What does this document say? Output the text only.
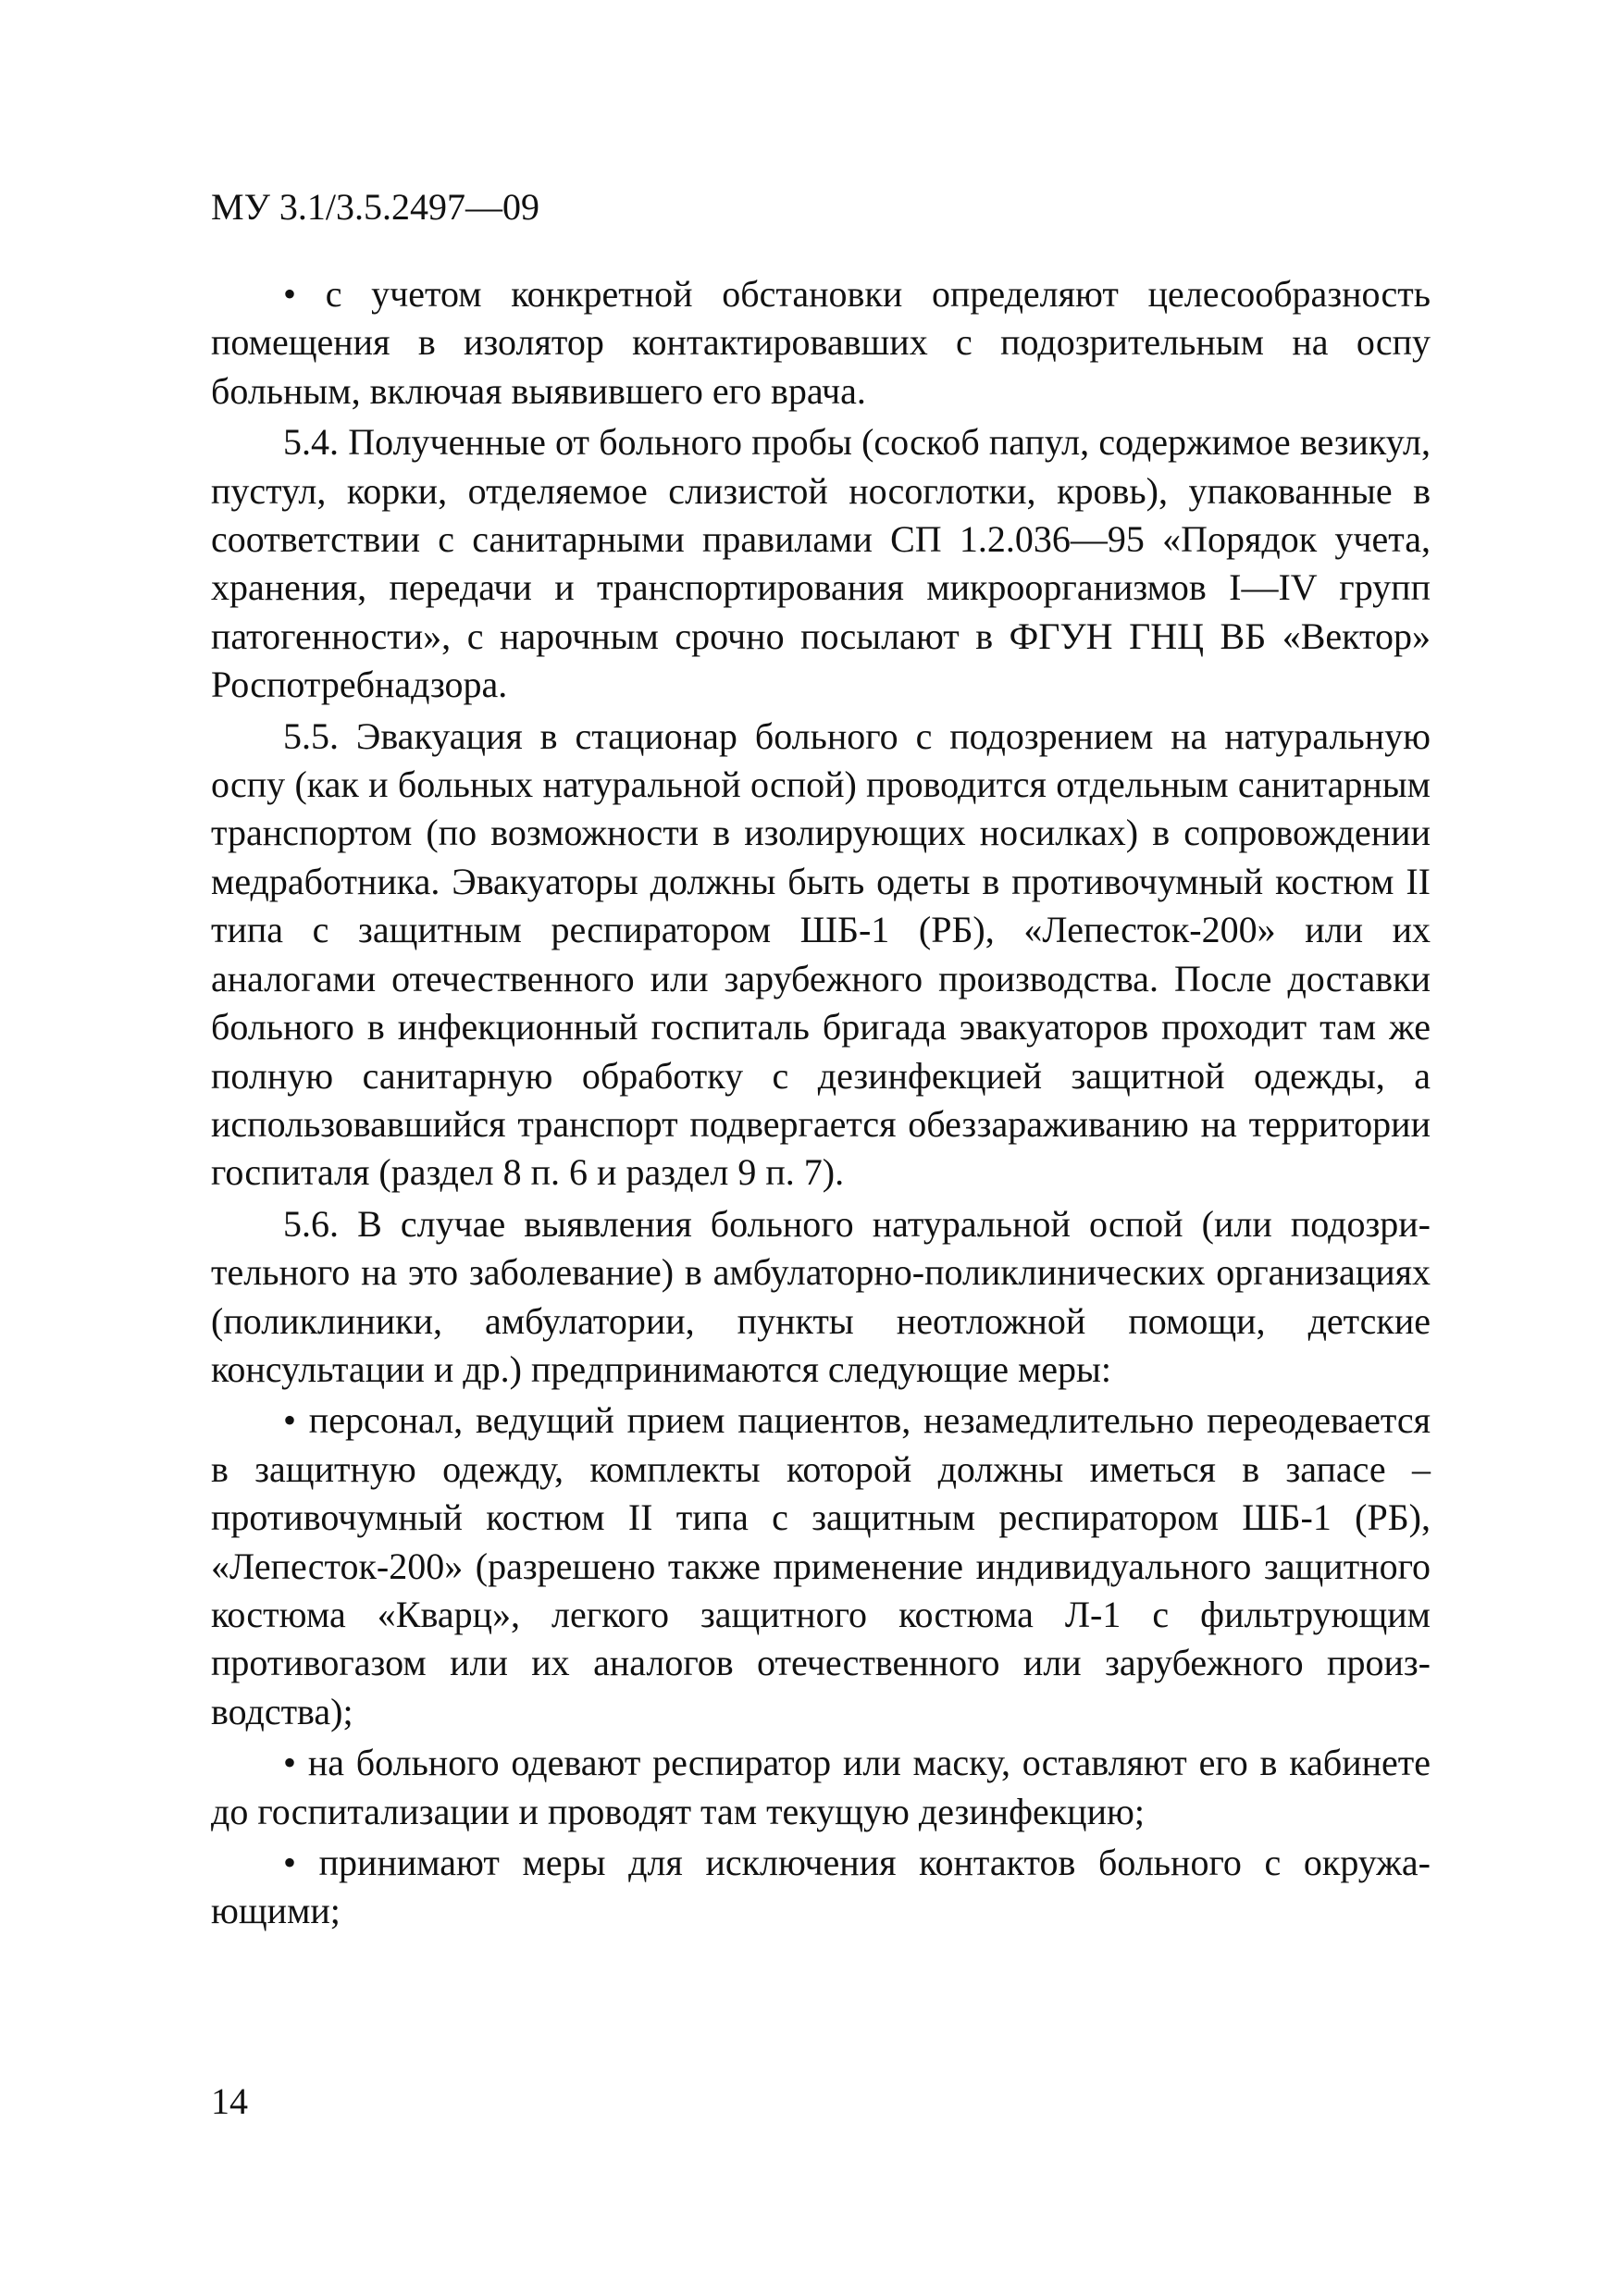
МУ 3.1/3.5.2497—09

• с учетом конкретной обстановки определяют целесообразность помещения в изолятор контактировавших с подозрительным на оспу больным, включая выявившего его врача.

5.4. Полученные от больного пробы (соскоб папул, содержимое везикул, пустул, корки, отделяемое слизистой носоглотки, кровь), упакованные в соответствии с санитарными правилами СП 1.2.036—95 «Порядок учета, хранения, передачи и транспортирования микроорганизмов I—IV групп патогенности», с нарочным срочно посылают в ФГУН ГНЦ ВБ «Вектор» Роспотребнадзора.

5.5. Эвакуация в стационар больного с подозрением на натуральную оспу (как и больных натуральной оспой) проводится отдельным санитарным транспортом (по возможности в изолирующих носилках) в сопровождении медработника. Эвакуаторы должны быть одеты в противочумный костюм II типа с защитным респиратором ШБ-1 (РБ), «Лепесток-200» или их аналогами отечественного или зарубежного производства. После доставки больного в инфекционный госпиталь бригада эвакуаторов проходит там же полную санитарную обработку с дезинфекцией защитной одежды, а использовавшийся транспорт подвергается обеззараживанию на территории госпиталя (раздел 8 п. 6 и раздел 9 п. 7).

5.6. В случае выявления больного натуральной оспой (или подозрительного на это заболевание) в амбулаторно-поликлинических организациях (поликлиники, амбулатории, пункты неотложной помощи, детские консультации и др.) предпринимаются следующие меры:

• персонал, ведущий прием пациентов, незамедлительно переодевается в защитную одежду, комплекты которой должны иметься в запасе – противочумный костюм II типа с защитным респиратором ШБ-1 (РБ), «Лепесток-200» (разрешено также применение индивидуального защитного костюма «Кварц», легкого защитного костюма Л-1 с фильтрующим противогазом или их аналогов отечественного или зарубежного производства);

• на больного одевают респиратор или маску, оставляют его в кабинете до госпитализации и проводят там текущую дезинфекцию;

• принимают меры для исключения контактов больного с окружающими;

14
